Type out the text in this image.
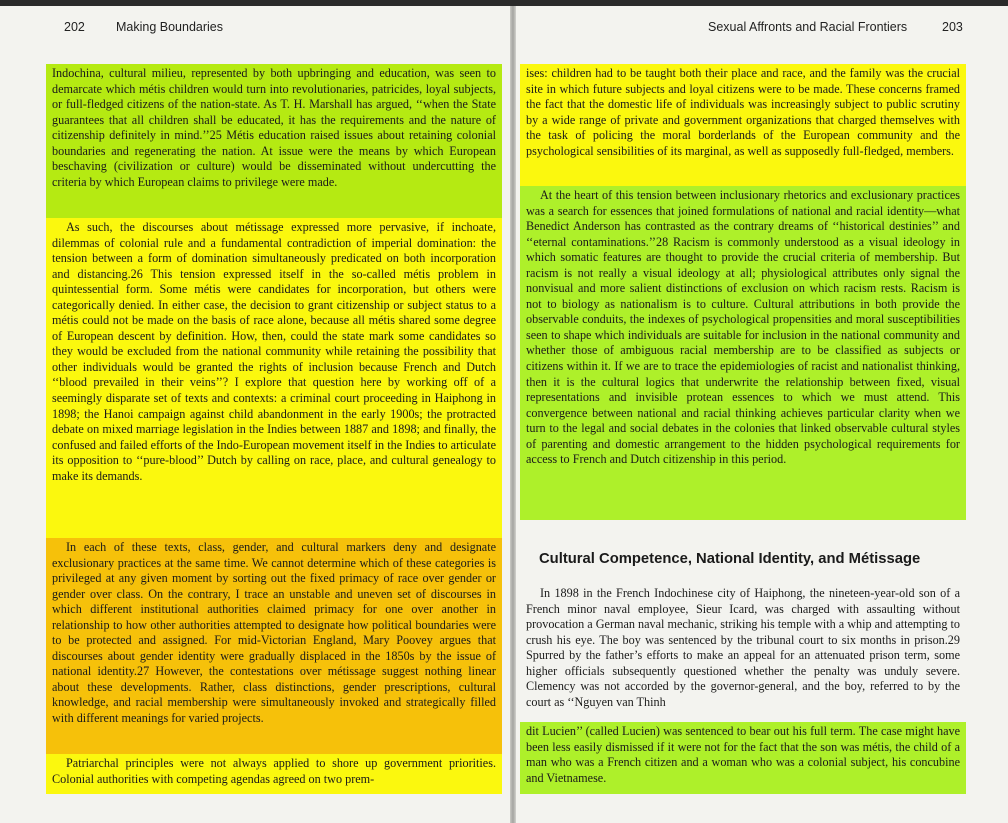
202 Making Boundaries

Indochina, cultural milieu, represented by both upbringing and education, was seen to demarcate which métis children would turn into revolutionaries, patricides, loyal subjects, or full-fledged citizens of the nation-state. As T. H. Marshall has argued, ‘‘when the State guarantees that all children shall be educated, it has the requirements and the nature of citizenship definitely in mind.’’25 Métis education raised issues about retaining colonial boundaries and regenerating the nation. At issue were the means by which European beschaving (civilization or culture) would be disseminated without undercutting the criteria by which European claims to privilege were made.

As such, the discourses about métissage expressed more pervasive, if inchoate, dilemmas of colonial rule and a fundamental contradiction of imperial domination: the tension between a form of domination simultaneously predicated on both incorporation and distancing.26 This tension expressed itself in the so-called métis problem in quintessential form. Some métis were candidates for incorporation, but others were categorically denied. In either case, the decision to grant citizenship or subject status to a métis could not be made on the basis of race alone, because all métis shared some degree of European descent by definition. How, then, could the state mark some candidates so they would be excluded from the national community while retaining the possibility that other individuals would be granted the rights of inclusion because French and Dutch ‘‘blood prevailed in their veins’’? I explore that question here by working off of a seemingly disparate set of texts and contexts: a criminal court proceeding in Haiphong in 1898; the Hanoi campaign against child abandonment in the early 1900s; the protracted debate on mixed marriage legislation in the Indies between 1887 and 1898; and finally, the confused and failed efforts of the Indo-European movement itself in the Indies to articulate its opposition to ‘‘pure-blood’’ Dutch by calling on race, place, and cultural genealogy to make its demands.

In each of these texts, class, gender, and cultural markers deny and designate exclusionary practices at the same time. We cannot determine which of these categories is privileged at any given moment by sorting out the fixed primacy of race over gender or gender over class. On the contrary, I trace an unstable and uneven set of discourses in which different institutional authorities claimed primacy for one over another in relationship to how other authorities attempted to designate how political boundaries were to be protected and assigned. For mid-Victorian England, Mary Poovey argues that discourses about gender identity were gradually displaced in the 1850s by the issue of national identity.27 However, the contestations over métissage suggest nothing linear about these developments. Rather, class distinctions, gender prescriptions, cultural knowledge, and racial membership were simultaneously invoked and strategically filled with different meanings for varied projects.

Patriarchal principles were not always applied to shore up government priorities. Colonial authorities with competing agendas agreed on two prem-

Sexual Affronts and Racial Frontiers	203

ises: children had to be taught both their place and race, and the family was the crucial site in which future subjects and loyal citizens were to be made. These concerns framed the fact that the domestic life of individuals was increasingly subject to public scrutiny by a wide range of private and government organizations that charged themselves with the task of policing the moral borderlands of the European community and the psychological sensibilities of its marginal, as well as supposedly full-fledged, members.

At the heart of this tension between inclusionary rhetorics and exclusionary practices was a search for essences that joined formulations of national and racial identity—what Benedict Anderson has contrasted as the contrary dreams of ‘‘historical destinies’’ and ‘‘eternal contaminations.’’28 Racism is commonly understood as a visual ideology in which somatic features are thought to provide the crucial criteria of membership. But racism is not really a visual ideology at all; physiological attributes only signal the nonvisual and more salient distinctions of exclusion on which racism rests. Racism is not to biology as nationalism is to culture. Cultural attributions in both provide the observable conduits, the indexes of psychological propensities and moral susceptibilities seen to shape which individuals are suitable for inclusion in the national community and whether those of ambiguous racial membership are to be classified as subjects or citizens within it. If we are to trace the epidemiologies of racist and nationalist thinking, then it is the cultural logics that underwrite the relationship between fixed, visual representations and invisible protean essences to which we must attend. This convergence between national and racial thinking achieves particular clarity when we turn to the legal and social debates in the colonies that linked observable cultural styles of parenting and domestic arrangement to the hidden psychological requirements for access to French and Dutch citizenship in this period.

Cultural Competence, National Identity, and Métissage

In 1898 in the French Indochinese city of Haiphong, the nineteen-year-old son of a French minor naval employee, Sieur Icard, was charged with assaulting without provocation a German naval mechanic, striking his temple with a whip and attempting to crush his eye. The boy was sentenced by the tribunal court to six months in prison.29 Spurred by the father’s efforts to make an appeal for an attenuated prison term, some higher officials subsequently questioned whether the penalty was unduly severe. Clemency was not accorded by the governor-general, and the boy, referred to by the court as ‘‘Nguyen van Thinh

dit Lucien’’ (called Lucien) was sentenced to bear out his full term. The case might have been less easily dismissed if it were not for the fact that the son was métis, the child of a man who was a French citizen and a woman who was a colonial subject, his concubine and Vietnamese.
